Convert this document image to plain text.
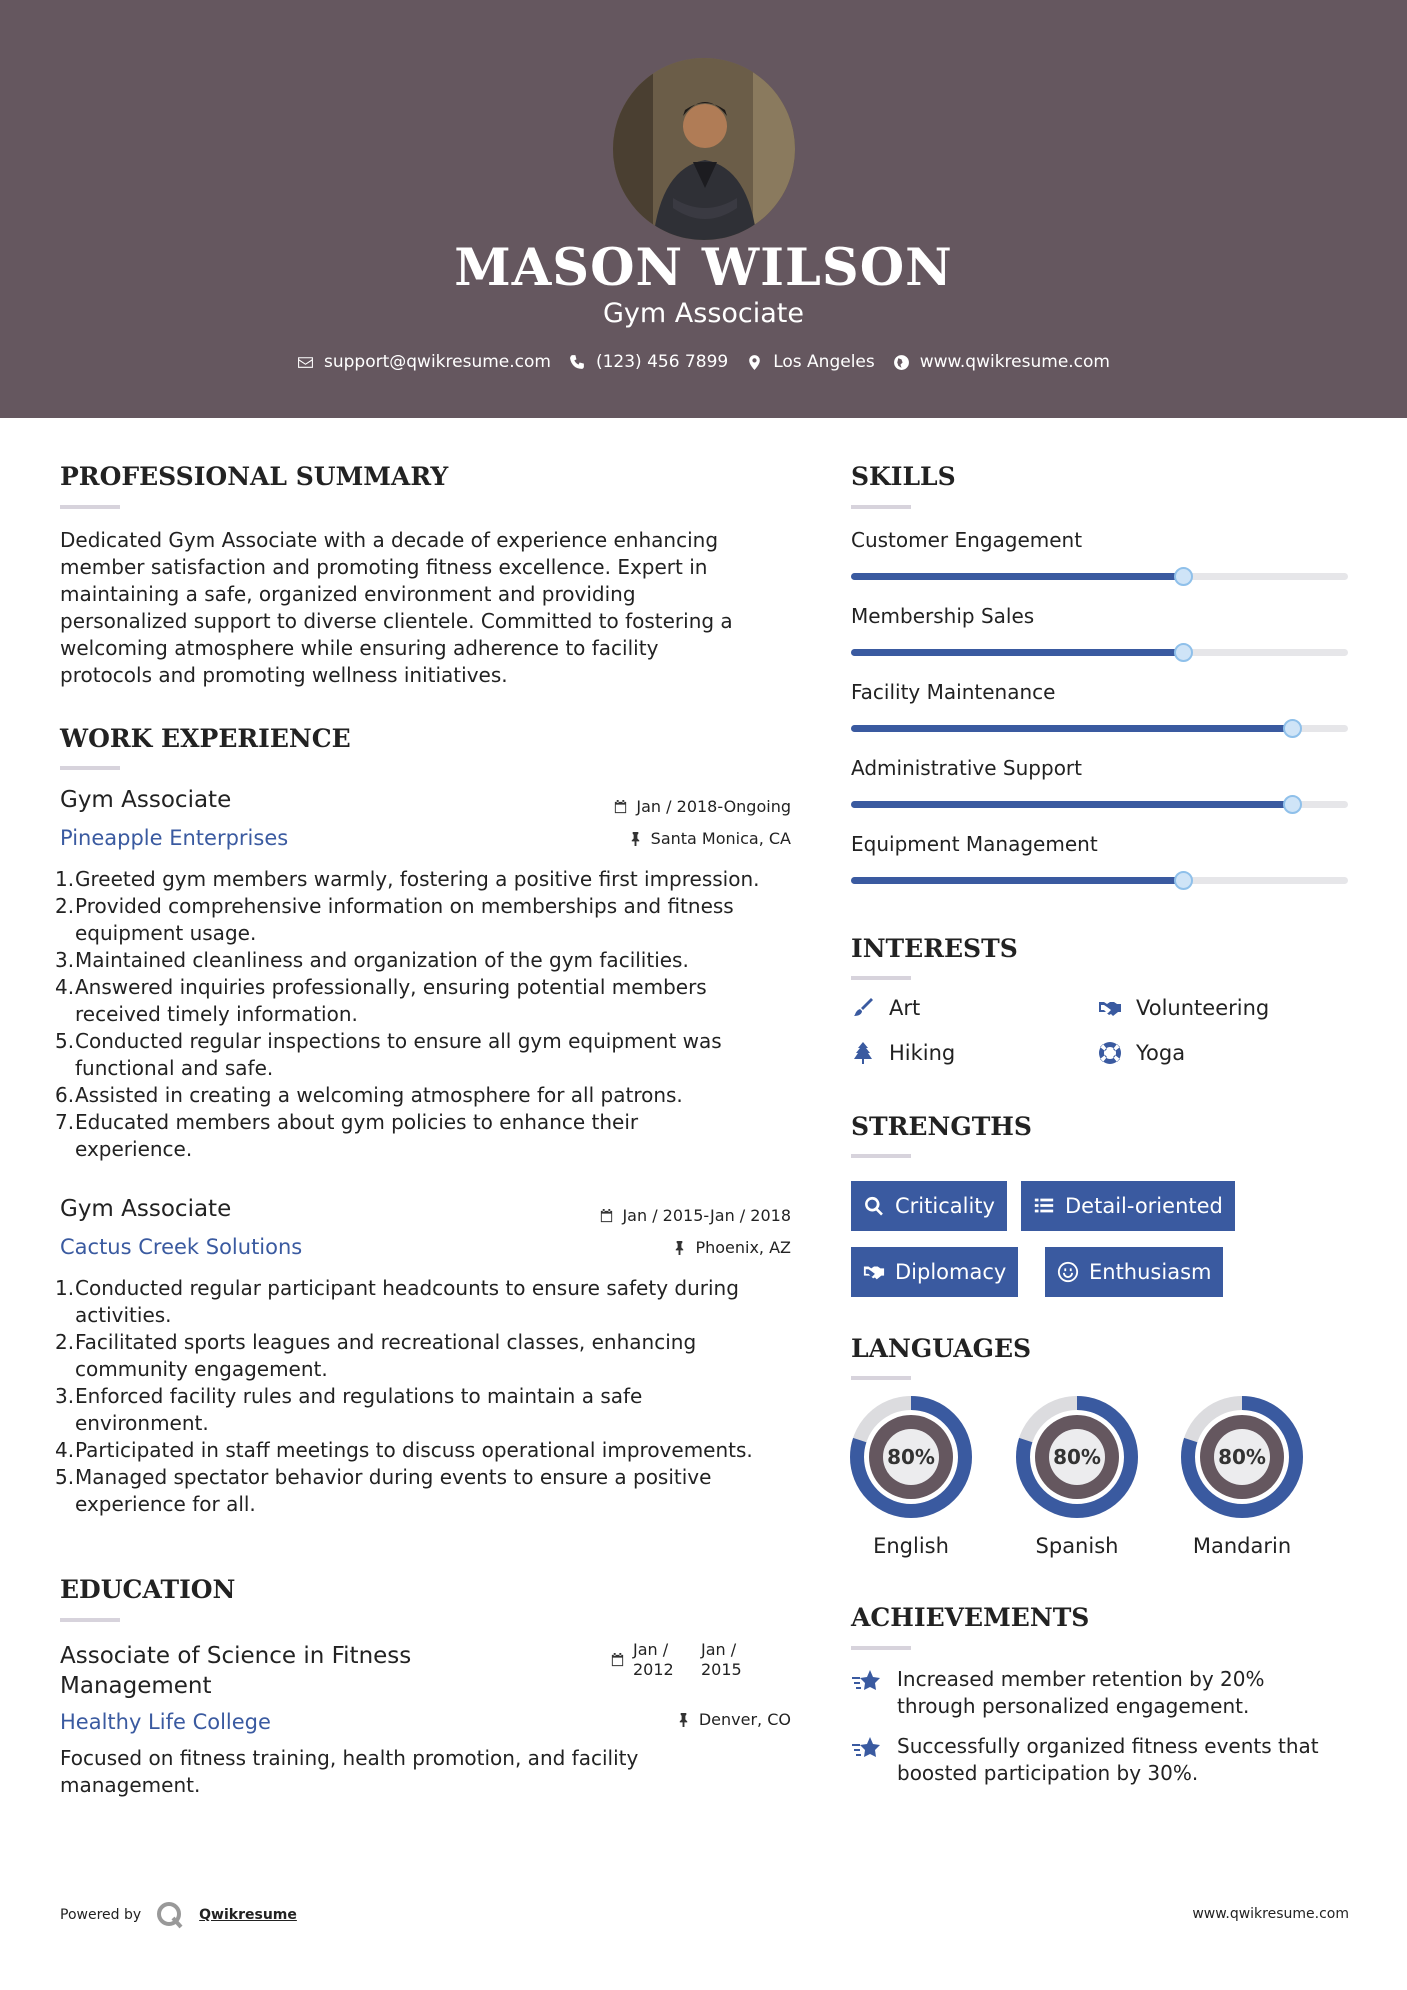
MASON WILSON
Gym Associate
support@qwikresume.com	(123) 456 7899	Los Angeles	www.qwikresume.com
PROFESSIONAL SUMMARY
Dedicated Gym Associate with a decade of experience enhancing
member satisfaction and promoting fitness excellence. Expert in
maintaining a safe, organized environment and providing
personalized support to diverse clientele. Committed to fostering a
welcoming atmosphere while ensuring adherence to facility
protocols and promoting wellness initiatives.
WORK EXPERIENCE
Gym Associate
Pineapple Enterprises
Jan / 2018-Ongoing
Santa Monica, CA
1. Greeted gym members warmly, fostering a positive first impression.
2. Provided comprehensive information on memberships and fitness
equipment usage.
3. Maintained cleanliness and organization of the gym facilities.
4. Answered inquiries professionally, ensuring potential members
received timely information.
5. Conducted regular inspections to ensure all gym equipment was
functional and safe.
6. Assisted in creating a welcoming atmosphere for all patrons.
7. Educated members about gym policies to enhance their
experience.
Gym Associate
Cactus Creek Solutions
Jan / 2015-Jan / 2018
Phoenix, AZ
1. Conducted regular participant headcounts to ensure safety during
activities.
2. Facilitated sports leagues and recreational classes, enhancing
community engagement.
3. Enforced facility rules and regulations to maintain a safe
environment.
4. Participated in staff meetings to discuss operational improvements.
5. Managed spectator behavior during events to ensure a positive
experience for all.
EDUCATION
Associate of Science in Fitness
Management
Healthy Life College
Jan /
2012
Jan /
2015
Denver, CO
Focused on fitness training, health promotion, and facility
management.
SKILLS
Customer Engagement
Membership Sales
Facility Maintenance
Administrative Support
Equipment Management
INTERESTS
Art	Volunteering
Hiking	Yoga
STRENGTHS
Criticality	Detail-oriented
Diplomacy	Enthusiasm
LANGUAGES
80%
English
80%
Spanish
80%
Mandarin
ACHIEVEMENTS
Increased member retention by 20%
through personalized engagement.
Successfully organized fitness events that
boosted participation by 30%.
Powered by	Qwikresume	www.qwikresume.com
